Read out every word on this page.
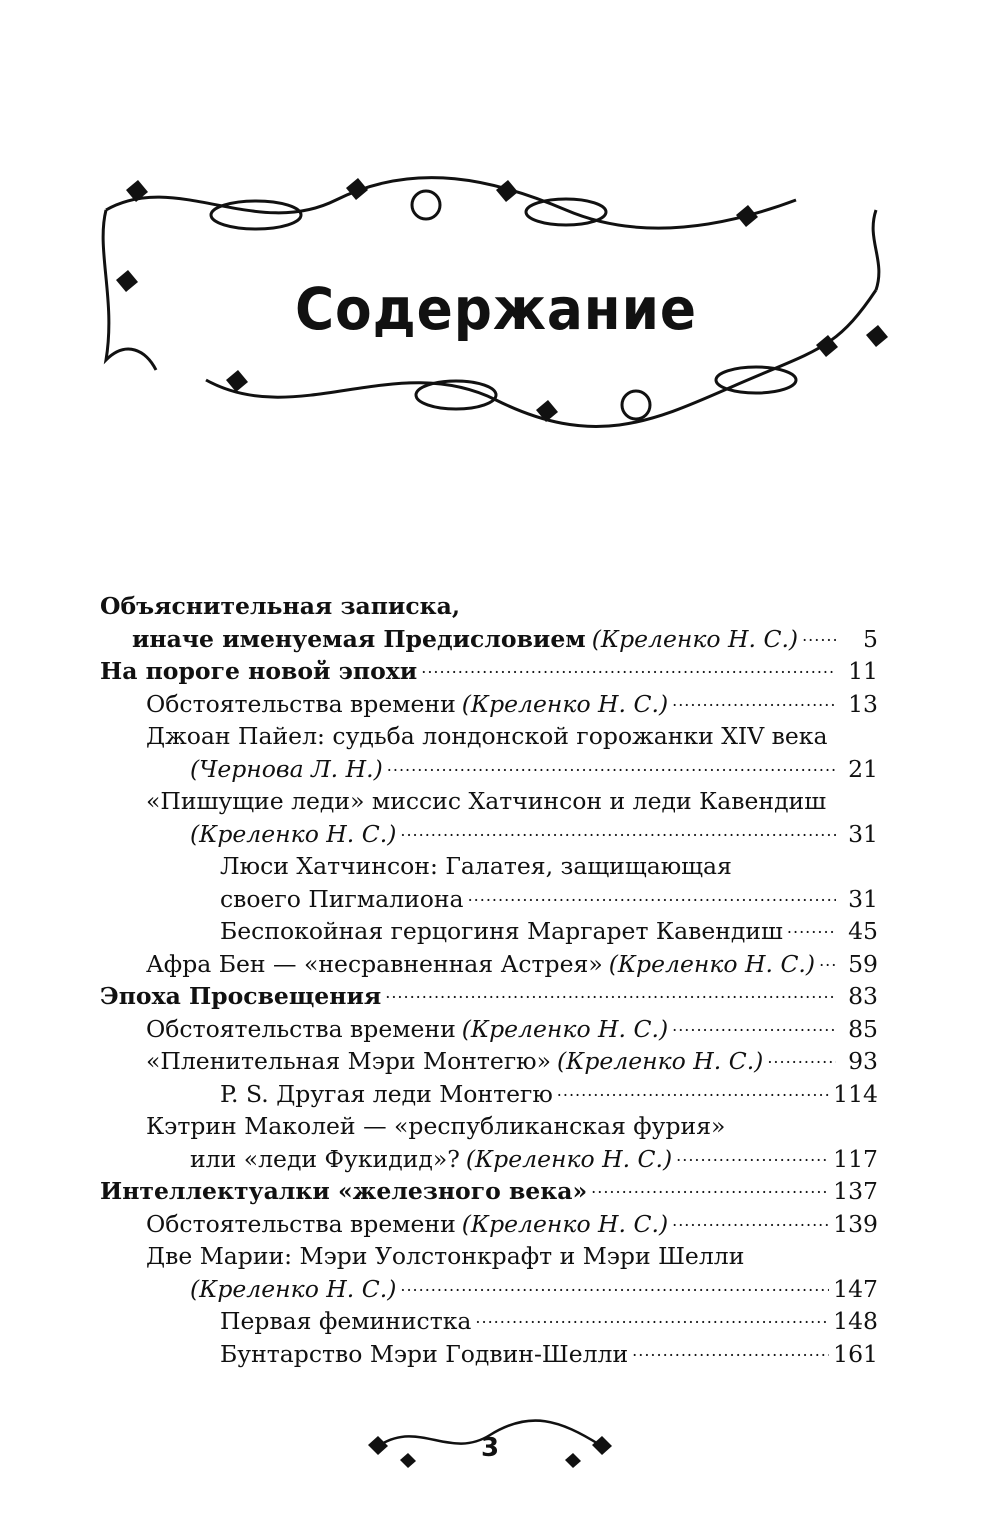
Содержание
Объяснительная записка,
иначе именуемая Предисловием (Креленко Н. С.) .....	5
На пороге новой эпохи .....	11
Обстоятельства времени (Креленко Н. С.) .....	13
Джоан Пайел: судьба лондонской горожанки XIV века
(Чернова Л. Н.) .....	21
«Пишущие леди» миссис Хатчинсон и леди Кавендиш
(Креленко Н. С.) .....	31
Люси Хатчинсон: Галатея, защищающая
своего Пигмалиона .....	31
Беспокойная герцогиня Маргарет Кавендиш .....	45
Афра Бен — «несравненная Астрея» (Креленко Н. С.) .....	59
Эпоха Просвещения .....	83
Обстоятельства времени (Креленко Н. С.) .....	85
«Пленительная Мэри Монтегю» (Креленко Н. С.) .....	93
P. S. Другая леди Монтегю .....	114
Кэтрин Маколей — «республиканская фурия»
или «леди Фукидид»? (Креленко Н. С.) .....	117
Интеллектуалки «железного века» .....	137
Обстоятельства времени (Креленко Н. С.) .....	139
Две Марии: Мэри Уолстонкрафт и Мэри Шелли
(Креленко Н. С.) .....	147
Первая феминистка .....	148
Бунтарство Мэри Годвин-Шелли .....	161
3
